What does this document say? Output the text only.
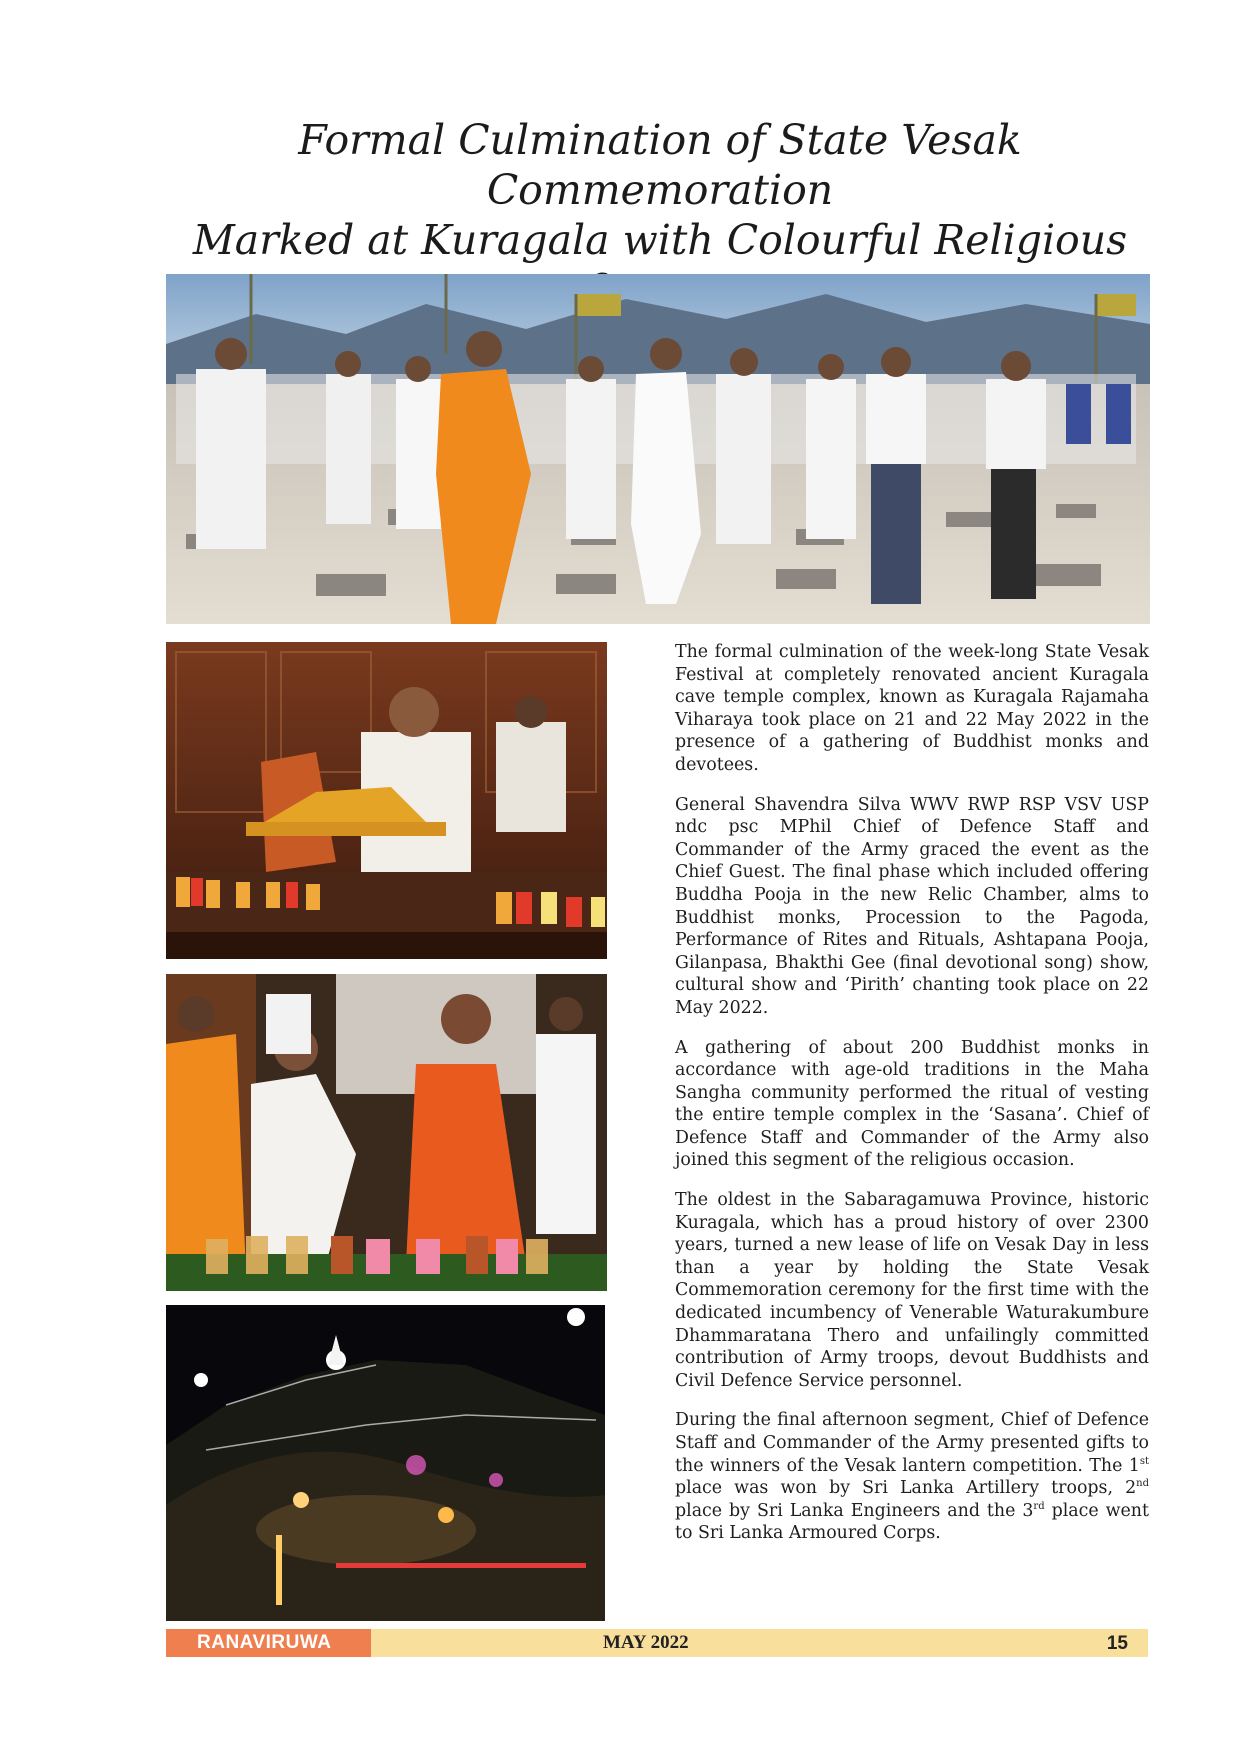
Formal Culmination of State Vesak Commemoration
Marked at Kuragala with Colourful Religious

The formal culmination of the week-long State Vesak Festival at completely renovated ancient Kuragala cave temple complex, known as Kuragala Rajamaha Viharaya took place on 21 and 22 May 2022 in the presence of a gathering of Buddhist monks and devotees.

General Shavendra Silva WWV RWP RSP VSV USP ndc psc MPhil Chief of Defence Staff and Commander of the Army graced the event as the Chief Guest. The final phase which included offering Buddha Pooja in the new Relic Chamber, alms to Buddhist monks, Procession to the Pagoda, Performance of Rites and Rituals, Ashtapana Pooja, Gilanpasa, Bhakthi Gee (final devotional song) show, cultural show and ‘Pirith’ chanting took place on 22 May 2022.

A gathering of about 200 Buddhist monks in accordance with age-old traditions in the Maha Sangha community performed the ritual of vesting the entire temple complex in the ‘Sasana’. Chief of Defence Staff and Commander of the Army also joined this segment of the religious occasion.

The oldest in the Sabaragamuwa Province, historic Kuragala, which has a proud history of over 2300 years, turned a new lease of life on Vesak Day in less than a year by holding the State Vesak Commemoration ceremony for the first time with the dedicated incumbency of Venerable Waturakumbure Dhammaratana Thero and unfailingly committed contribution of Army troops, devout Buddhists and Civil Defence Service personnel.

During the final afternoon segment, Chief of Defence Staff and Commander of the Army presented gifts to the winners of the Vesak lantern competition. The 1st place was won by Sri Lanka Artillery troops, 2nd place by Sri Lanka Engineers and the 3rd place went to Sri Lanka Armoured Corps.

RANAVIRUWA	MAY 2022	15
